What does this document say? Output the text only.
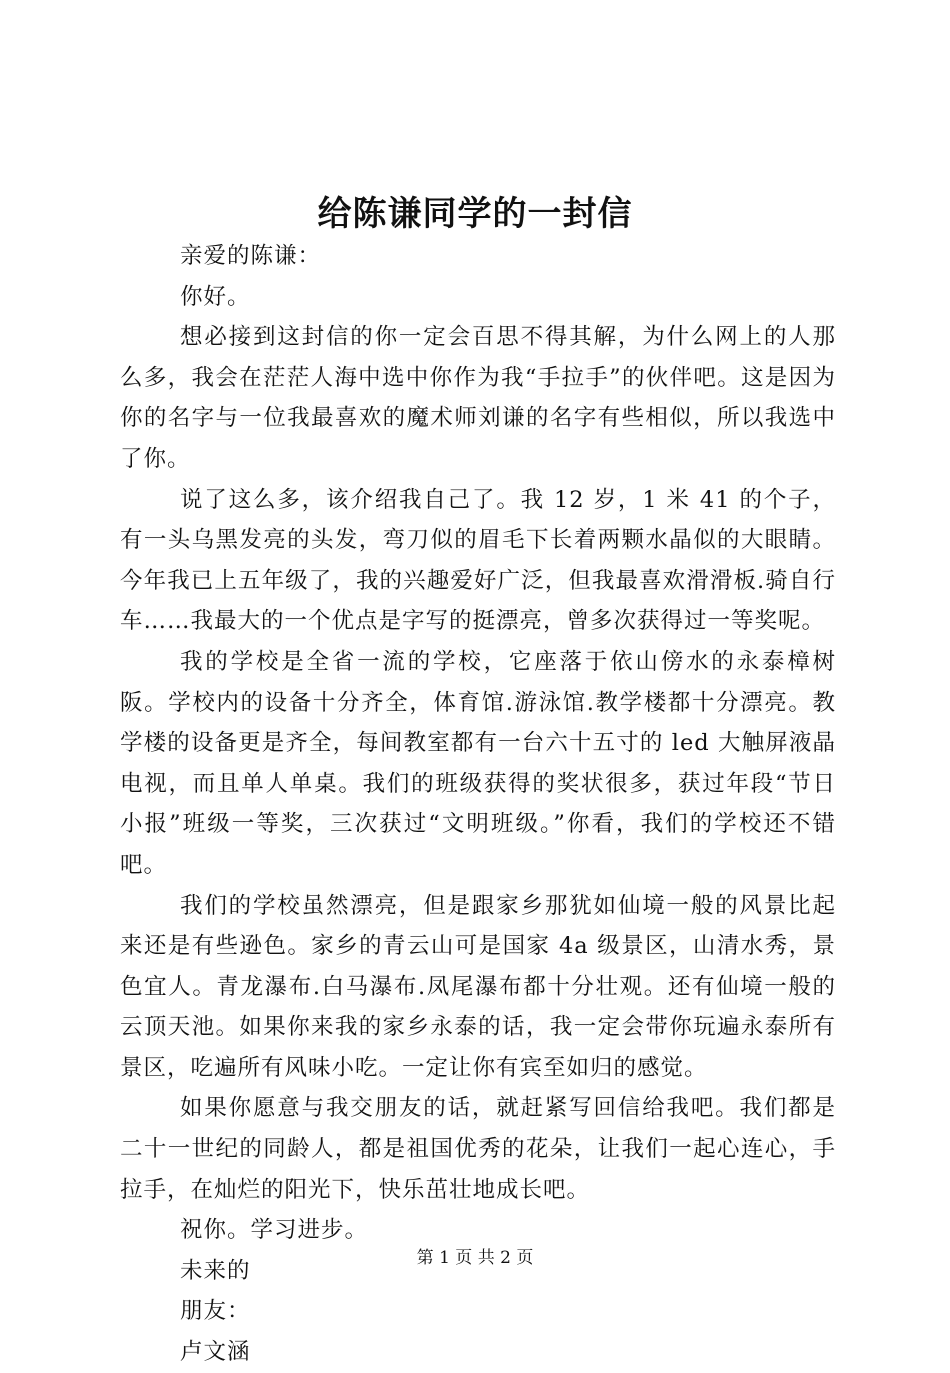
给陈谦同学的一封信

亲爱的陈谦：

你好。

想必接到这封信的你一定会百思不得其解，为什么网上的人那么多，我会在茫茫人海中选中你作为我“手拉手”的伙伴吧。这是因为你的名字与一位我最喜欢的魔术师刘谦的名字有些相似，所以我选中了你。

说了这么多，该介绍我自己了。我 12 岁，1 米 41 的个子，有一头乌黑发亮的头发，弯刀似的眉毛下长着两颗水晶似的大眼睛。今年我已上五年级了，我的兴趣爱好广泛，但我最喜欢滑滑板.骑自行车……我最大的一个优点是字写的挺漂亮，曾多次获得过一等奖呢。

我的学校是全省一流的学校，它座落于依山傍水的永泰樟树阪。学校内的设备十分齐全，体育馆.游泳馆.教学楼都十分漂亮。教学楼的设备更是齐全，每间教室都有一台六十五寸的 led 大触屏液晶电视，而且单人单桌。我们的班级获得的奖状很多，获过年段“节日小报”班级一等奖，三次获过“文明班级。”你看，我们的学校还不错吧。

我们的学校虽然漂亮，但是跟家乡那犹如仙境一般的风景比起来还是有些逊色。家乡的青云山可是国家 4a 级景区，山清水秀，景色宜人。青龙瀑布.白马瀑布.凤尾瀑布都十分壮观。还有仙境一般的云顶天池。如果你来我的家乡永泰的话，我一定会带你玩遍永泰所有景区，吃遍所有风味小吃。一定让你有宾至如归的感觉。

如果你愿意与我交朋友的话，就赶紧写回信给我吧。我们都是二十一世纪的同龄人，都是祖国优秀的花朵，让我们一起心连心，手拉手，在灿烂的阳光下，快乐茁壮地成长吧。

祝你。学习进步。

未来的

朋友：

卢文涵

第 1 页 共 2 页
